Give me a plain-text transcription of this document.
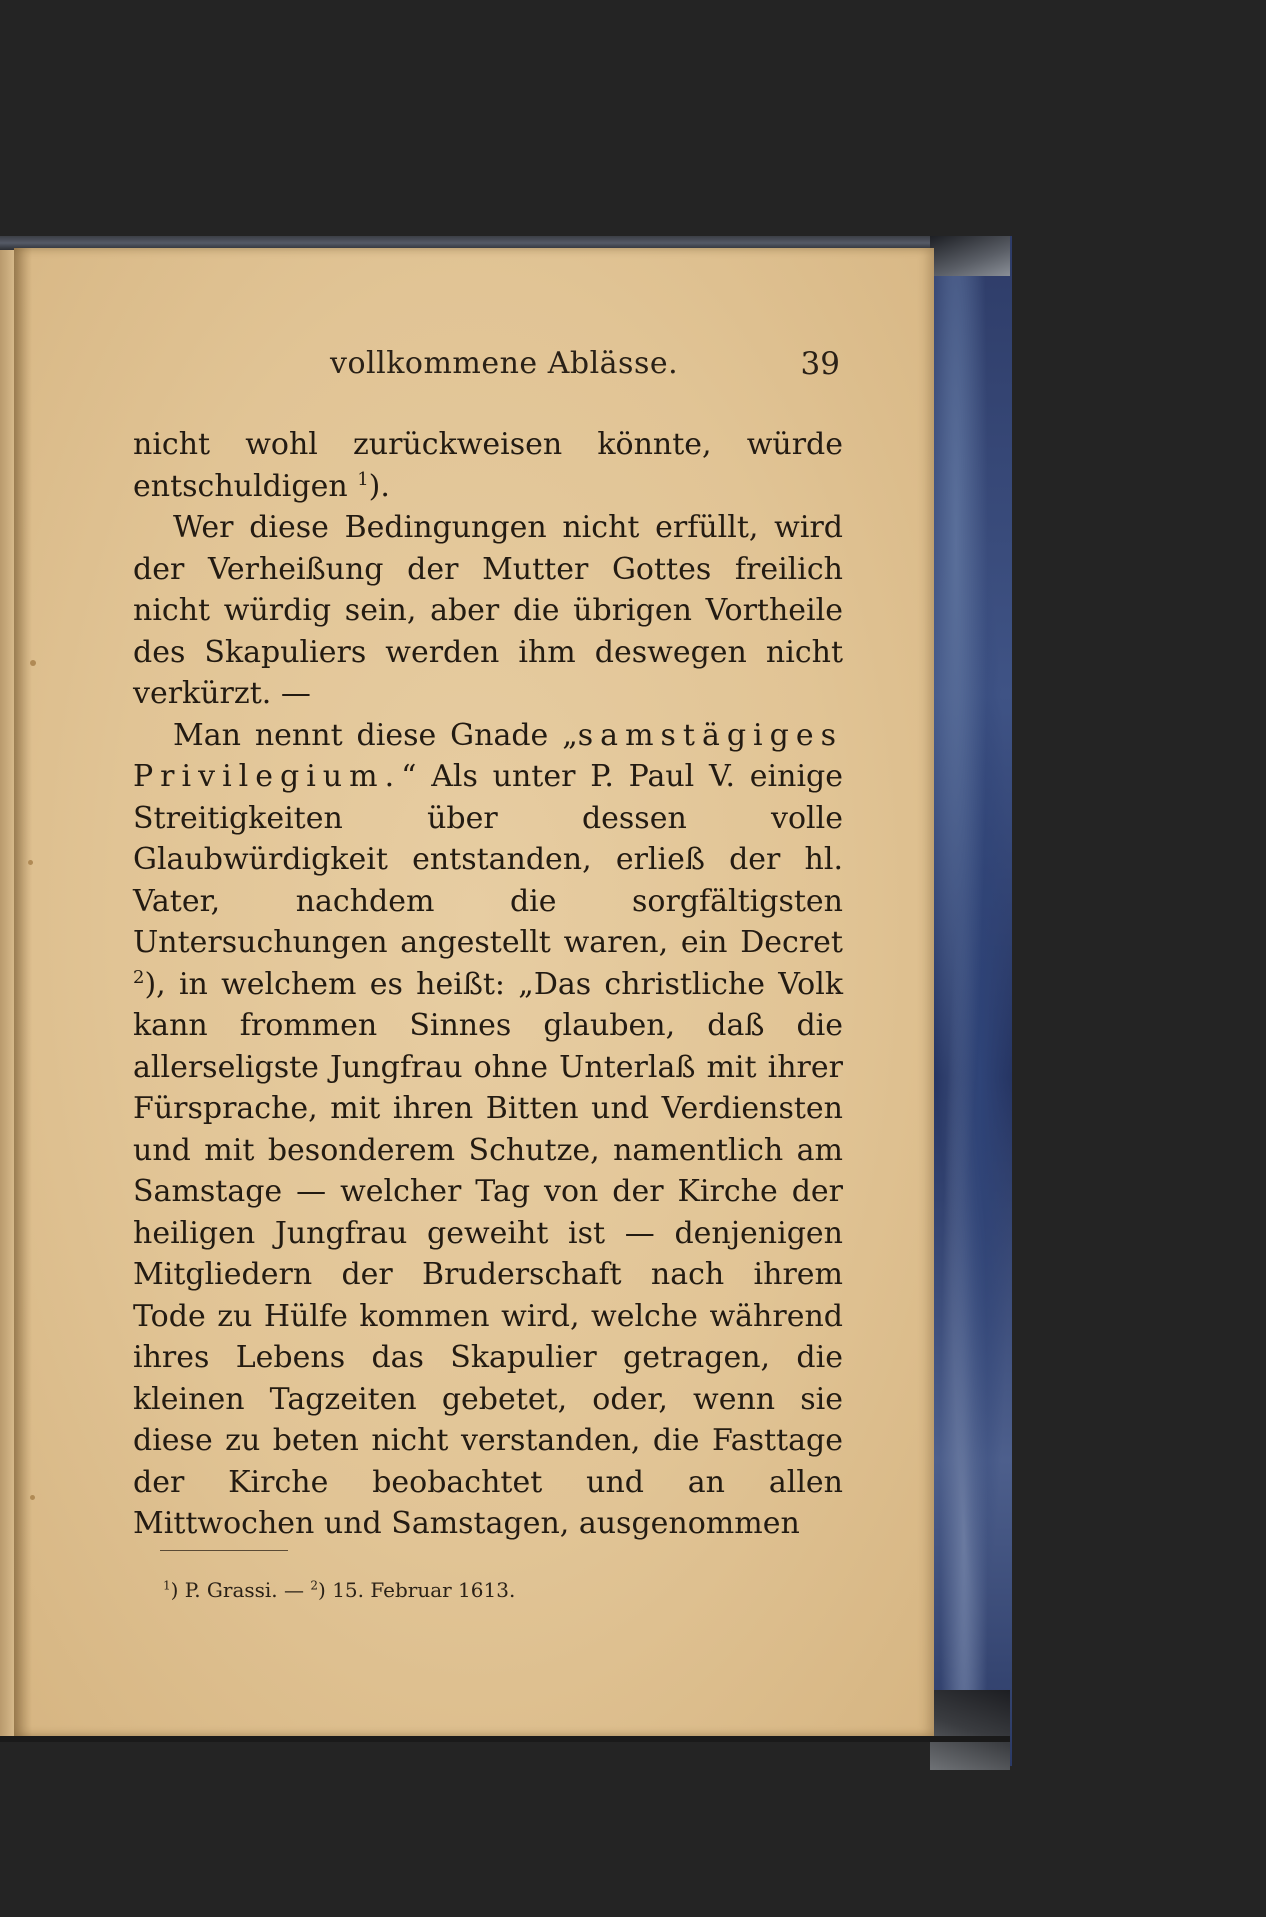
vollkommene Ablässe.	39

nicht wohl zurückweisen könnte, würde entschuldigen $^1$).

Wer diese Bedingungen nicht erfüllt, wird der Verheißung der Mutter Gottes freilich nicht würdig sein, aber die übrigen Vortheile des Skapuliers werden ihm deswegen nicht verkürzt. —

Man nennt diese Gnade „samstägiges Privilegium.“ Als unter P. Paul V. einige Streitigkeiten über dessen volle Glaubwürdigkeit entstanden, erließ der hl. Vater, nachdem die sorgfältigsten Untersuchungen angestellt waren, ein Decret $^2$), in welchem es heißt: „Das christliche Volk kann frommen Sinnes glauben, daß die allerseligste Jungfrau ohne Unterlaß mit ihrer Fürsprache, mit ihren Bitten und Verdiensten und mit besonderem Schutze, namentlich am Samstage — welcher Tag von der Kirche der heiligen Jungfrau geweiht ist — denjenigen Mitgliedern der Bruderschaft nach ihrem Tode zu Hülfe kommen wird, welche während ihres Lebens das Skapulier getragen, die kleinen Tagzeiten gebetet, oder, wenn sie diese zu beten nicht verstanden, die Fasttage der Kirche beobachtet und an allen Mittwochen und Samstagen, ausgenommen

$^1$) P. Grassi. — $^2$) 15. Februar 1613.
